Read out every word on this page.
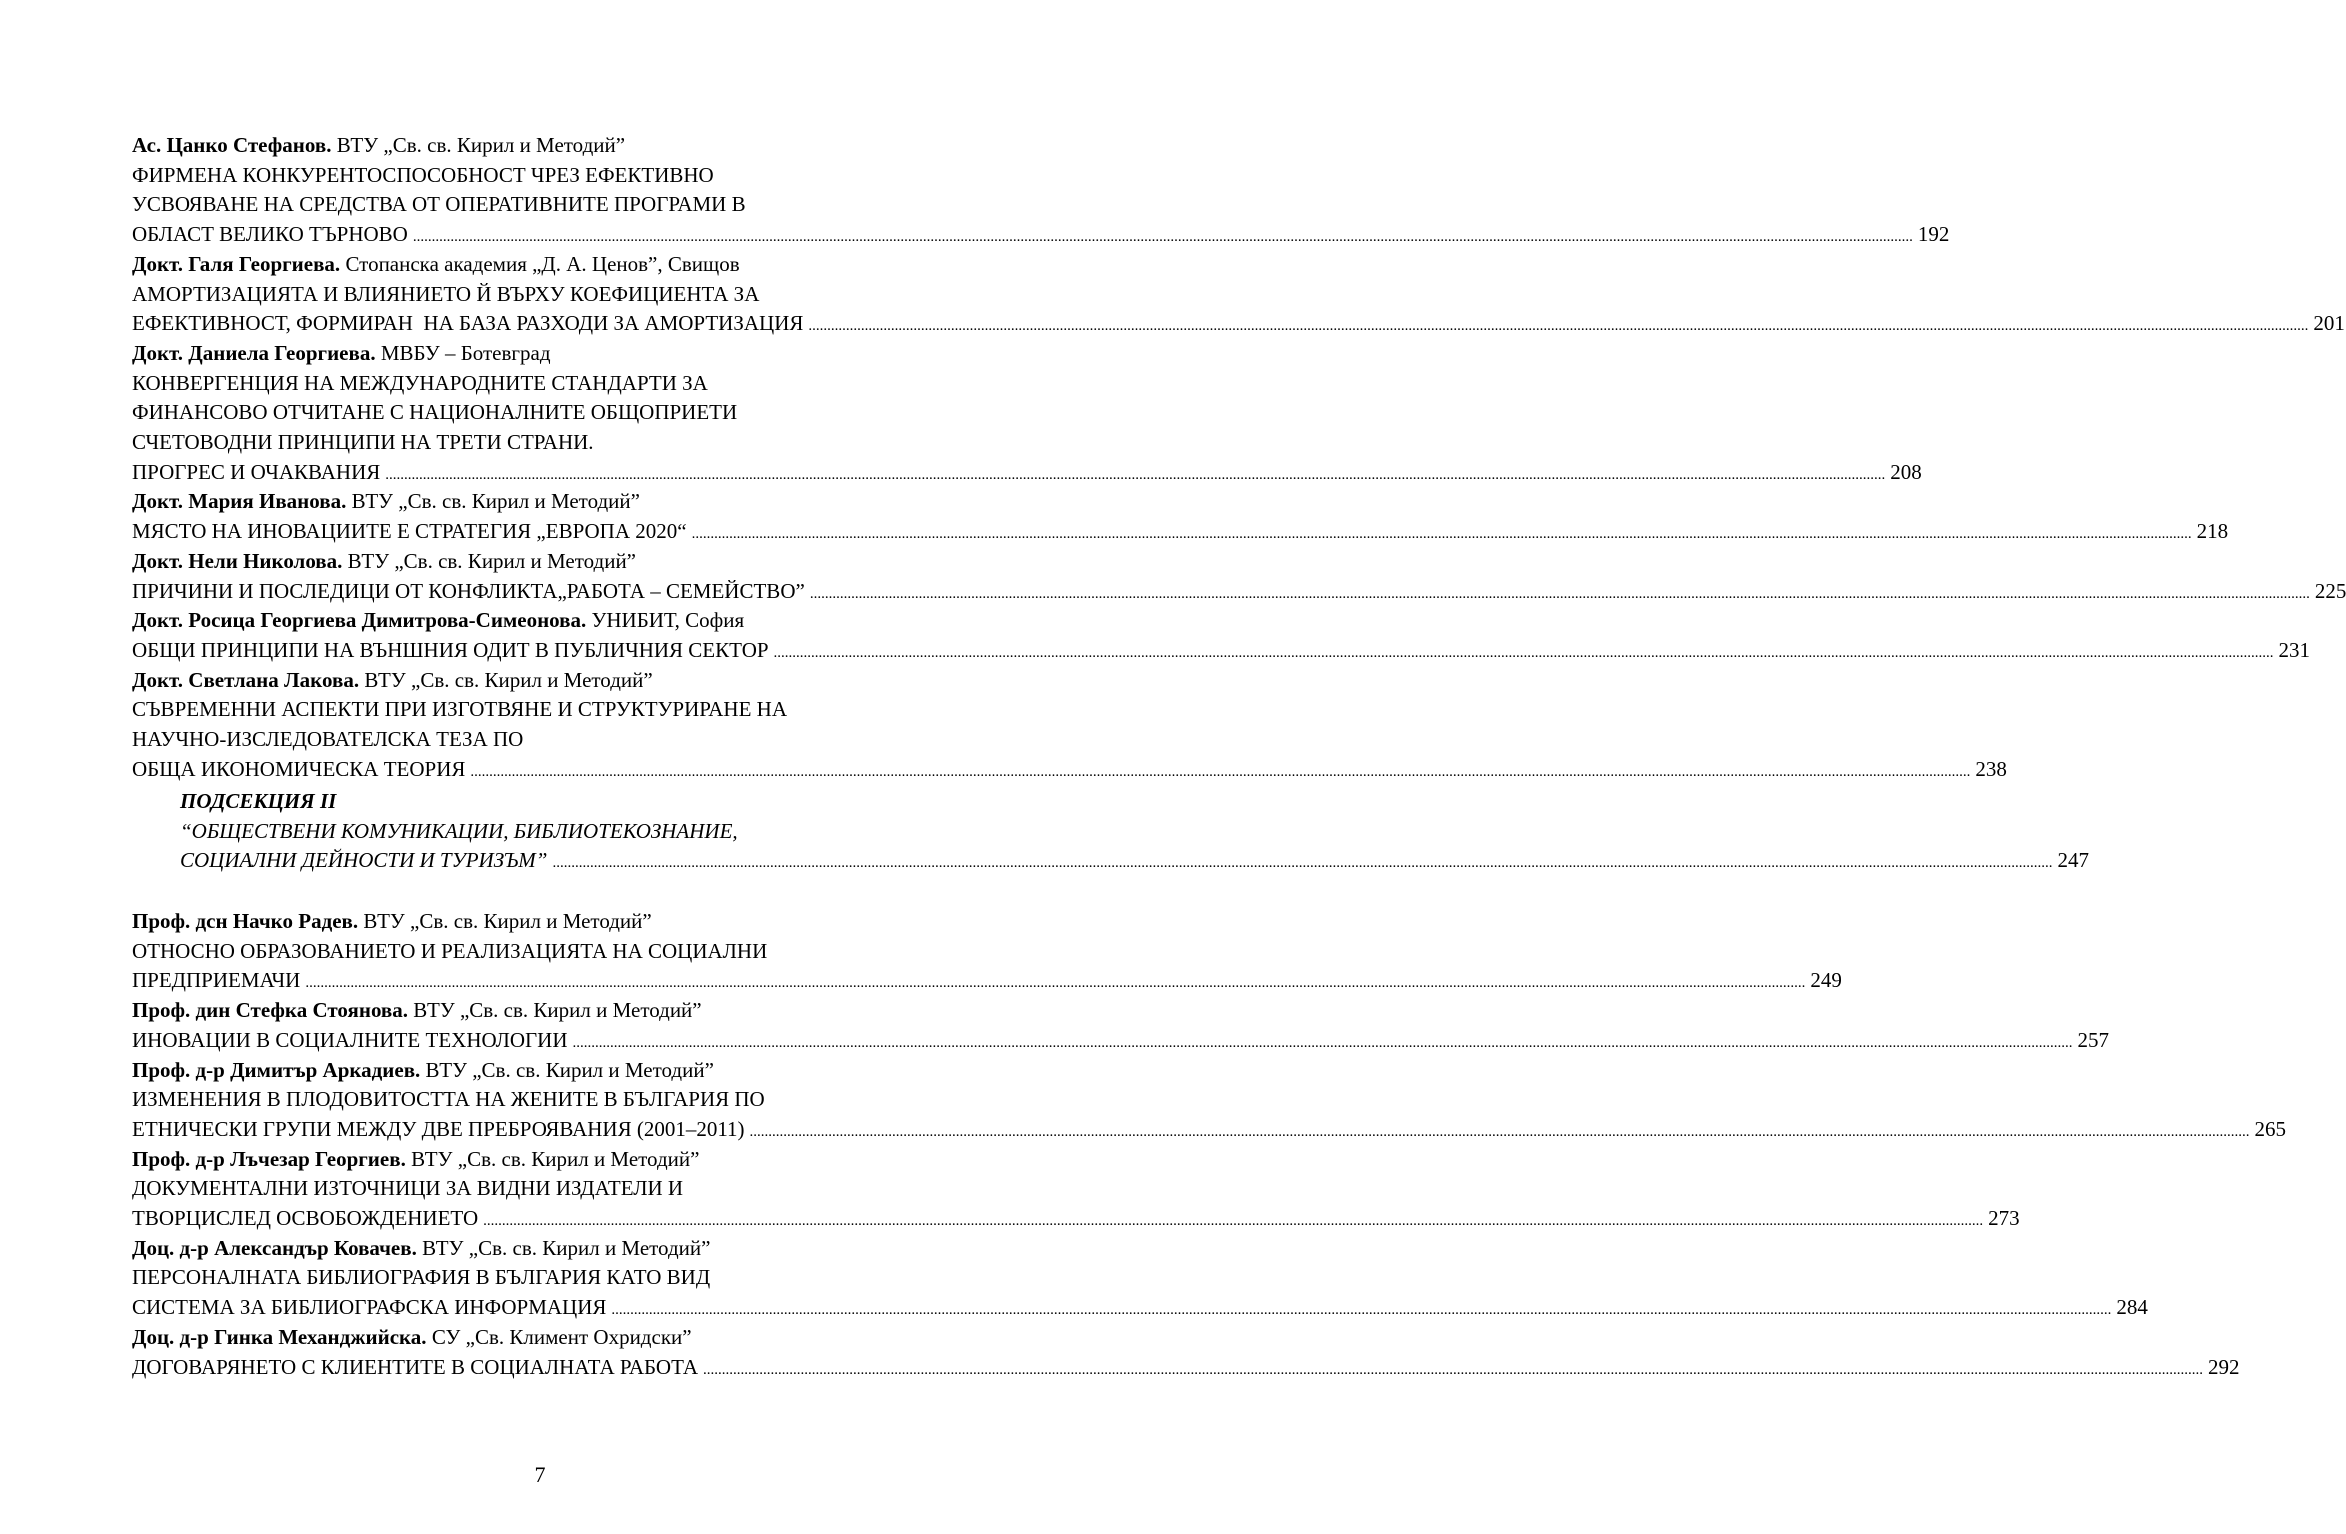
Ас. Цанко Стефанов. ВТУ „Св. св. Кирил и Методий”
ФИРМЕНА КОНКУРЕНТОСПОСОБНОСТ ЧРЕЗ ЕФЕКТИВНО
УСВОЯВАНЕ НА СРЕДСТВА ОТ ОПЕРАТИВНИТЕ ПРОГРАМИ В
ОБЛАСТ ВЕЛИКО ТЪРНОВО ................................................................................................................................................................................................................................................................................................................................................................................................................ 192
Докт. Галя Георгиева. Стопанска академия „Д. А. Ценов”, Свищов
АМОРТИЗАЦИЯТА И ВЛИЯНИЕТО Й ВЪРХУ КОЕФИЦИЕНТА ЗА
ЕФЕКТИВНОСТ, ФОРМИРАН  НА БАЗА РАЗХОДИ ЗА АМОРТИЗАЦИЯ ................................................................................................................................................................................................................................................................................................................................................................................................................ 201
Докт. Даниела Георгиева. МВБУ – Ботевград
КОНВЕРГЕНЦИЯ НА МЕЖДУНАРОДНИТЕ СТАНДАРТИ ЗА
ФИНАНСОВО ОТЧИТАНЕ С НАЦИОНАЛНИТЕ ОБЩОПРИЕТИ
СЧЕТОВОДНИ ПРИНЦИПИ НА ТРЕТИ СТРАНИ.
ПРОГРЕС И ОЧАКВАНИЯ ................................................................................................................................................................................................................................................................................................................................................................................................................ 208
Докт. Мария Иванова. ВТУ „Св. св. Кирил и Методий”
МЯСТО НА ИНОВАЦИИТЕ Е СТРАТЕГИЯ „ЕВРОПА 2020“ ................................................................................................................................................................................................................................................................................................................................................................................................................ 218
Докт. Нели Николова. ВТУ „Св. св. Кирил и Методий”
ПРИЧИНИ И ПОСЛЕДИЦИ ОТ КОНФЛИКТА„РАБОТА – СЕМЕЙСТВО” ................................................................................................................................................................................................................................................................................................................................................................................................................ 225
Докт. Росица Георгиева Димитрова-Симеонова. УНИБИТ, София
ОБЩИ ПРИНЦИПИ НА ВЪНШНИЯ ОДИТ В ПУБЛИЧНИЯ СЕКТОР ................................................................................................................................................................................................................................................................................................................................................................................................................ 231
Докт. Светлана Лакова. ВТУ „Св. св. Кирил и Методий”
СЪВРЕМЕННИ АСПЕКТИ ПРИ ИЗГОТВЯНЕ И СТРУКТУРИРАНЕ НА
НАУЧНО-ИЗСЛЕДОВАТЕЛСКА ТЕЗА ПО
ОБЩА ИКОНОМИЧЕСКА ТЕОРИЯ ................................................................................................................................................................................................................................................................................................................................................................................................................ 238
ПОДСЕКЦИЯ II
“ОБЩЕСТВЕНИ КОМУНИКАЦИИ, БИБЛИОТЕКОЗНАНИЕ,
СОЦИАЛНИ ДЕЙНОСТИ И ТУРИЗЪМ” ................................................................................................................................................................................................................................................................................................................................................................................................................ 247
Проф. дсн Начко Радев. ВТУ „Св. св. Кирил и Методий”
ОТНОСНО ОБРАЗОВАНИЕТО И РЕАЛИЗАЦИЯТА НА СОЦИАЛНИ
ПРЕДПРИЕМАЧИ ................................................................................................................................................................................................................................................................................................................................................................................................................ 249
Проф. дин Стефка Стоянова. ВТУ „Св. св. Кирил и Методий”
ИНОВАЦИИ В СОЦИАЛНИТЕ ТЕХНОЛОГИИ ................................................................................................................................................................................................................................................................................................................................................................................................................ 257
Проф. д-р Димитър Аркадиев. ВТУ „Св. св. Кирил и Методий”
ИЗМЕНЕНИЯ В ПЛОДОВИТОСТТА НА ЖЕНИТЕ В БЪЛГАРИЯ ПО
ЕТНИЧЕСКИ ГРУПИ МЕЖДУ ДВЕ ПРЕБРОЯВАНИЯ (2001–2011) ................................................................................................................................................................................................................................................................................................................................................................................................................ 265
Проф. д-р Лъчезар Георгиев. ВТУ „Св. св. Кирил и Методий”
ДОКУМЕНТАЛНИ ИЗТОЧНИЦИ ЗА ВИДНИ ИЗДАТЕЛИ И
ТВОРЦИСЛЕД ОСВОБОЖДЕНИЕТО ................................................................................................................................................................................................................................................................................................................................................................................................................ 273
Доц. д-р Александър Ковачев. ВТУ „Св. св. Кирил и Методий”
ПЕРСОНАЛНАТА БИБЛИОГРАФИЯ В БЪЛГАРИЯ КАТО ВИД
СИСТЕМА ЗА БИБЛИОГРАФСКА ИНФОРМАЦИЯ ................................................................................................................................................................................................................................................................................................................................................................................................................ 284
Доц. д-р Гинка Механджийска. СУ „Св. Климент Охридски”
ДОГОВАРЯНЕТО С КЛИЕНТИТЕ В СОЦИАЛНАТА РАБОТА ................................................................................................................................................................................................................................................................................................................................................................................................................ 292
7
